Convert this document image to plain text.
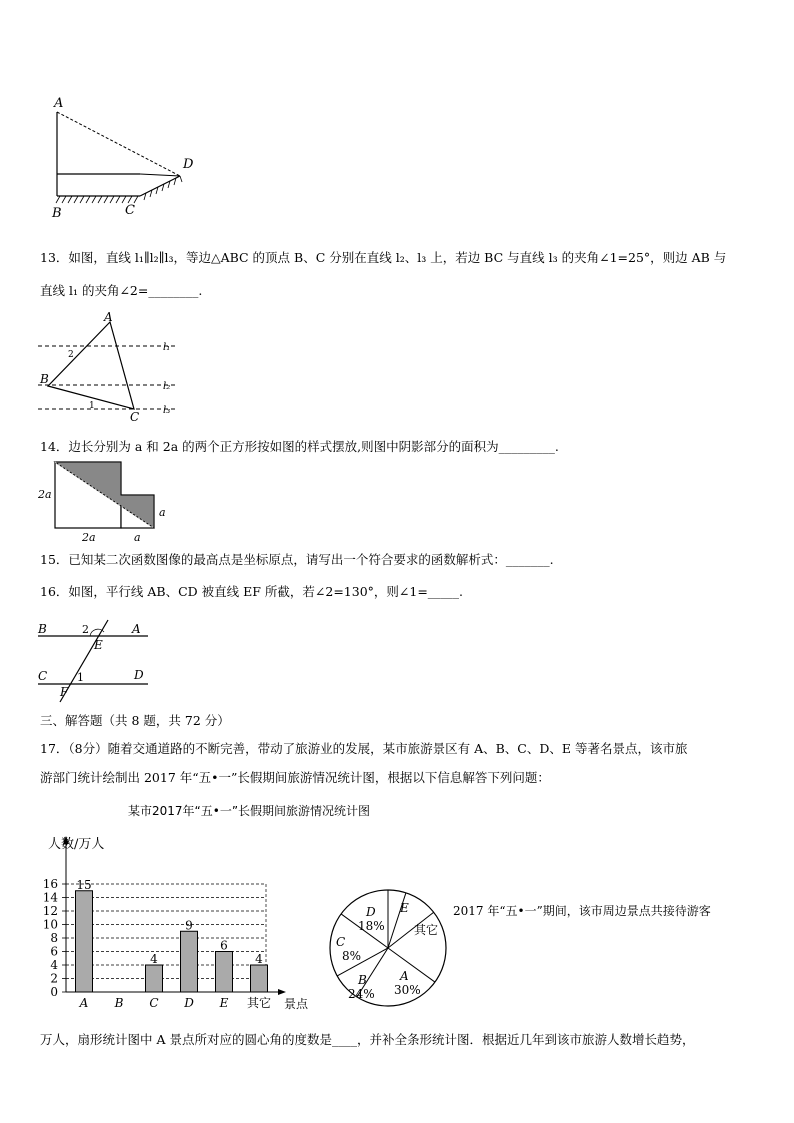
A
B	C
D
13．如图，直线 l₁∥l₂∥l₃，等边△ABC 的顶点 B、C 分别在直线 l₂、l₃ 上，若边 BC 与直线 l₃ 的夹角∠1=25°，则边 AB 与
直线 l₁ 的夹角∠2=________.
A
B
C
l₁
l₂
l₃
2
1
14．边长分别为 a 和 2a 的两个正方形按如图的样式摆放,则图中阴影部分的面积为_________.
2a
2a
a
a
15．已知某二次函数图像的最高点是坐标原点，请写出一个符合要求的函数解析式：_______.
16．如图，平行线 AB、CD 被直线 EF 所截，若∠2=130°，则∠1=_____.
B	A
C	D
E
F
2
1
三、解答题（共 8 题，共 72 分）
17．（8分）随着交通道路的不断完善，带动了旅游业的发展，某市旅游景区有 A、B、C、D、E 等著名景点，该市旅
游部门统计绘制出 2017 年“五•一”长假期间旅游情况统计图，根据以下信息解答下列问题：
某市2017年“五•一”长假期间旅游情况统计图
0
2
4
6
8
10
12
14
16
人数/万人
景点
15
A B
4
C
9
D
6
E
4
其它
A
30%
B
24%
C
8%
D
18%
E
其它
2017 年“五•一”期间，该市周边景点共接待游客
万人，扇形统计图中 A 景点所对应的圆心角的度数是____，并补全条形统计图．根据近几年到该市旅游人数增长趋势，
